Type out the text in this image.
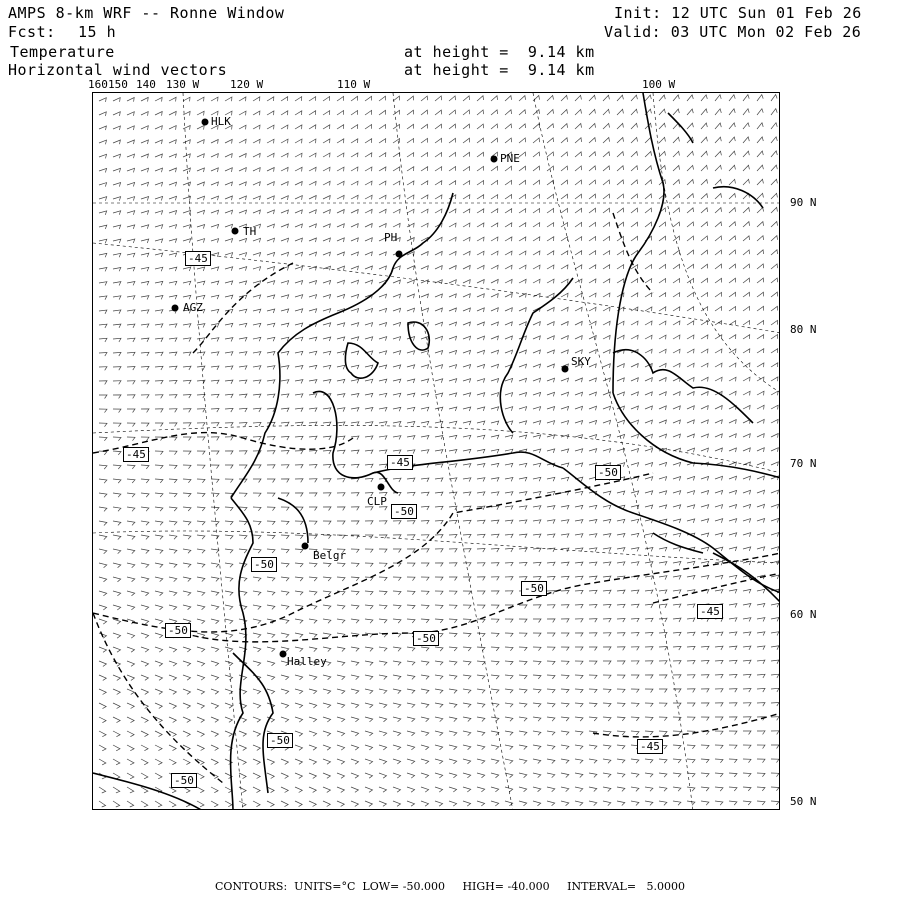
AMPS 8-km WRF -- Ronne Window
Fcst: 15 h
Init: 12 UTC Sun 01 Feb 26
Valid: 03 UTC Mon 02 Feb 26
Temperature
Horizontal wind vectors
at height =  9.14 km
at height =  9.14 km
160 150 140 130 W	120 W	110 W	100 W
90 N
80 N
70 N
60 N
50 N
HLK
PNE
TH	PH
AGZ
SKY
CLP
Belgr
Halley
-45
-45
-45
-50
-50
-50
-50
-50
-50
-50
-50
-45
-45
CONTOURS:  UNITS=°C  LOW= -50.000     HIGH= -40.000     INTERVAL=   5.0000
